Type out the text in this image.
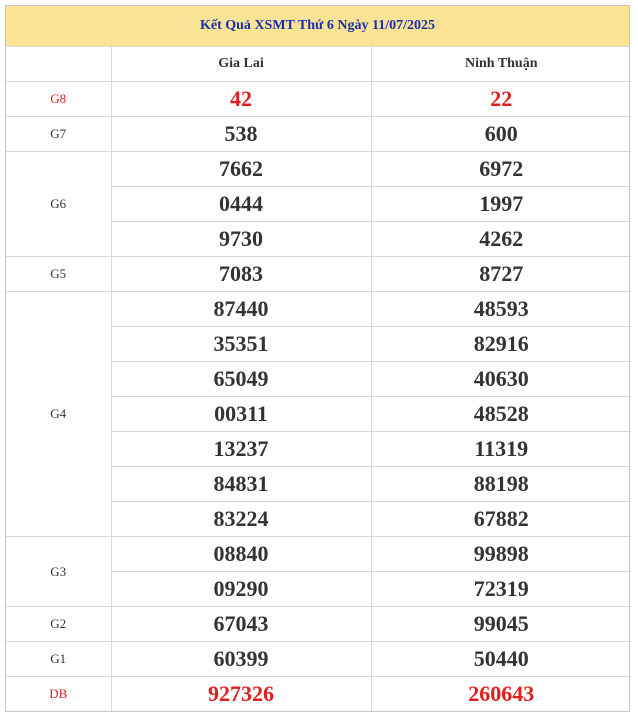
Kết Quả XSMT Thứ 6 Ngày 11/07/2025
	Gia Lai	Ninh Thuận
G8	42	22
G7	538	600
G6	7662	6972
	0444	1997
	9730	4262
G5	7083	8727
G4	87440	48593
	35351	82916
	65049	40630
	00311	48528
	13237	11319
	84831	88198
	83224	67882
G3	08840	99898
	09290	72319
G2	67043	99045
G1	60399	50440
DB	927326	260643
